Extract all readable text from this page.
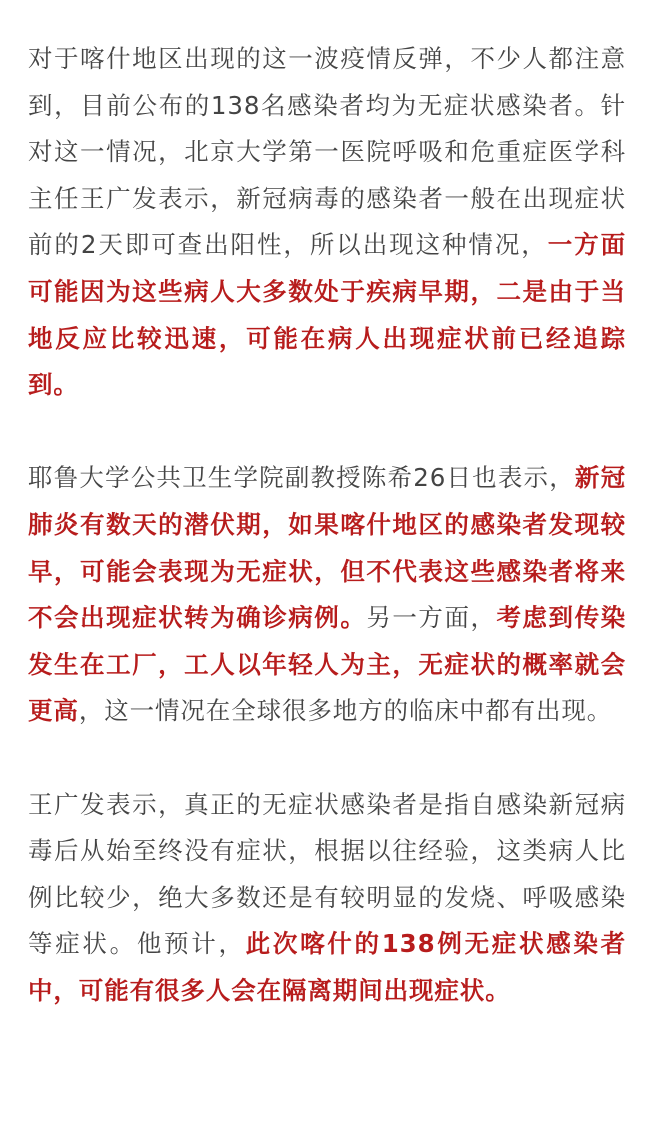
对于喀什地区出现的这一波疫情反弹，不少人都注意到，目前公布的138名感染者均为无症状感染者。针对这一情况，北京大学第一医院呼吸和危重症医学科主任王广发表示，新冠病毒的感染者一般在出现症状前的2天即可查出阳性，所以出现这种情况，一方面可能因为这些病人大多数处于疾病早期，二是由于当地反应比较迅速，可能在病人出现症状前已经追踪到。

耶鲁大学公共卫生学院副教授陈希26日也表示，新冠肺炎有数天的潜伏期，如果喀什地区的感染者发现较早，可能会表现为无症状，但不代表这些感染者将来不会出现症状转为确诊病例。另一方面，考虑到传染发生在工厂，工人以年轻人为主，无症状的概率就会更高，这一情况在全球很多地方的临床中都有出现。

王广发表示，真正的无症状感染者是指自感染新冠病毒后从始至终没有症状，根据以往经验，这类病人比例比较少，绝大多数还是有较明显的发烧、呼吸感染等症状。他预计，此次喀什的138例无症状感染者中，可能有很多人会在隔离期间出现症状。
